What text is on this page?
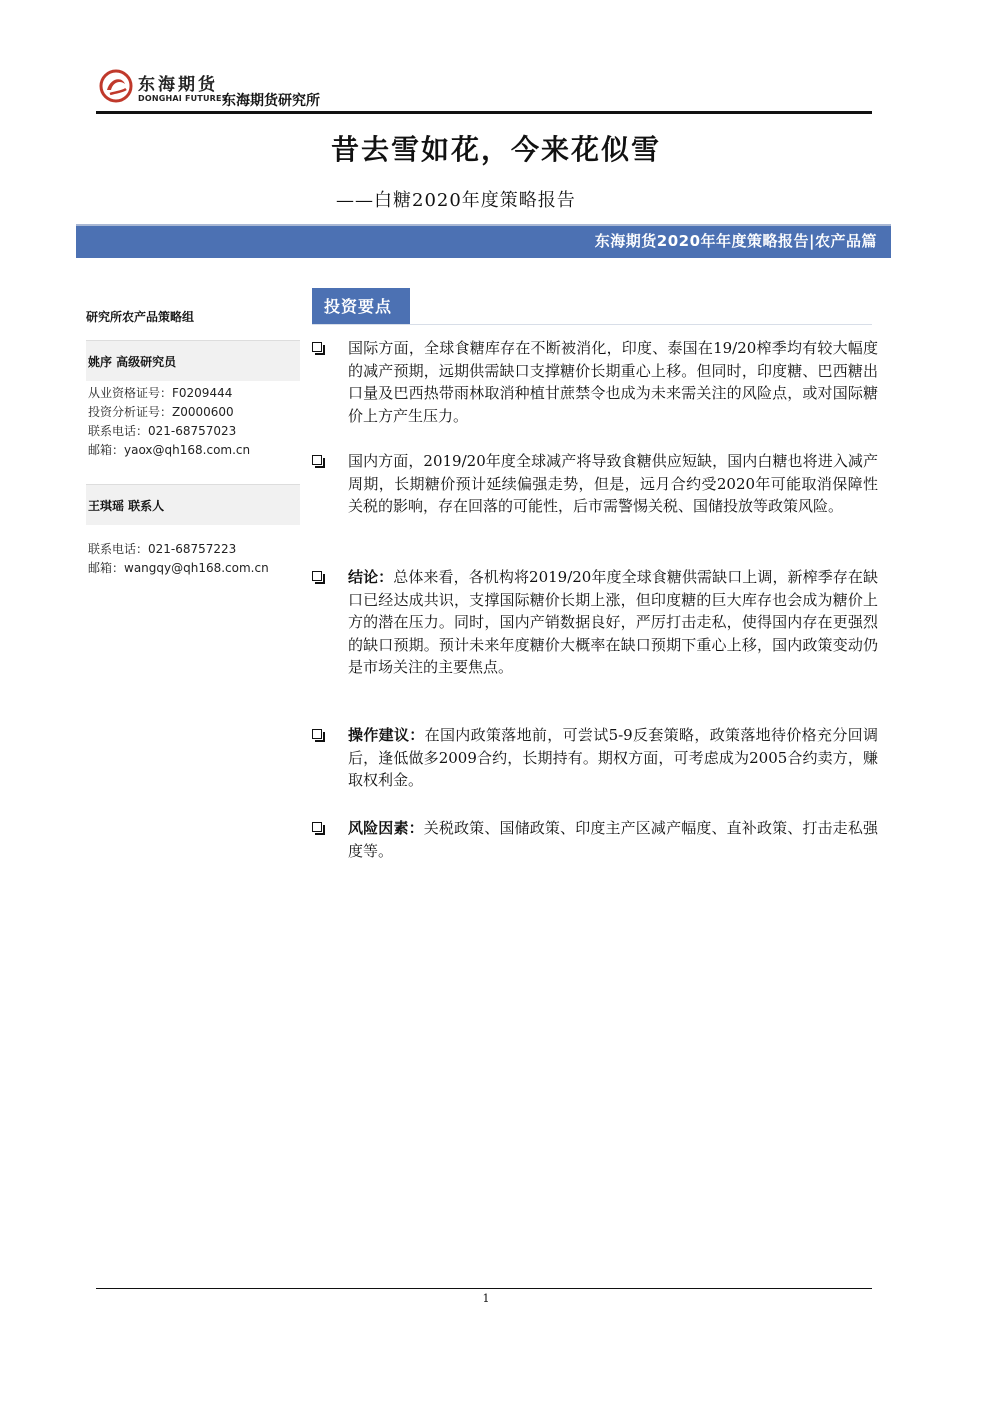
东海期货
DONGHAI FUTURES
东海期货研究所
昔去雪如花，今来花似雪
——白糖2020年度策略报告
东海期货2020年年度策略报告|农产品篇
研究所农产品策略组
姚序 高级研究员
从业资格证号：F0209444
投资分析证号：Z0000600
联系电话：021-68757023
邮箱：yaox@qh168.com.cn
王琪瑶 联系人
联系电话：021-68757223
邮箱：wangqy@qh168.com.cn
投资要点
国际方面，全球食糖库存在不断被消化，印度、泰国在19/20榨季均有较大幅度的减产预期，远期供需缺口支撑糖价长期重心上移。但同时，印度糖、巴西糖出口量及巴西热带雨林取消种植甘蔗禁令也成为未来需关注的风险点，或对国际糖价上方产生压力。
国内方面，2019/20年度全球减产将导致食糖供应短缺，国内白糖也将进入减产周期，长期糖价预计延续偏强走势，但是，远月合约受2020年可能取消保障性关税的影响，存在回落的可能性，后市需警惕关税、国储投放等政策风险。
结论：总体来看，各机构将2019/20年度全球食糖供需缺口上调，新榨季存在缺口已经达成共识，支撑国际糖价长期上涨，但印度糖的巨大库存也会成为糖价上方的潜在压力。同时，国内产销数据良好，严厉打击走私，使得国内存在更强烈的缺口预期。预计未来年度糖价大概率在缺口预期下重心上移，国内政策变动仍是市场关注的主要焦点。
操作建议：在国内政策落地前，可尝试5-9反套策略，政策落地待价格充分回调后，逢低做多2009合约，长期持有。期权方面，可考虑成为2005合约卖方，赚取权利金。
风险因素：关税政策、国储政策、印度主产区减产幅度、直补政策、打击走私强度等。
1
